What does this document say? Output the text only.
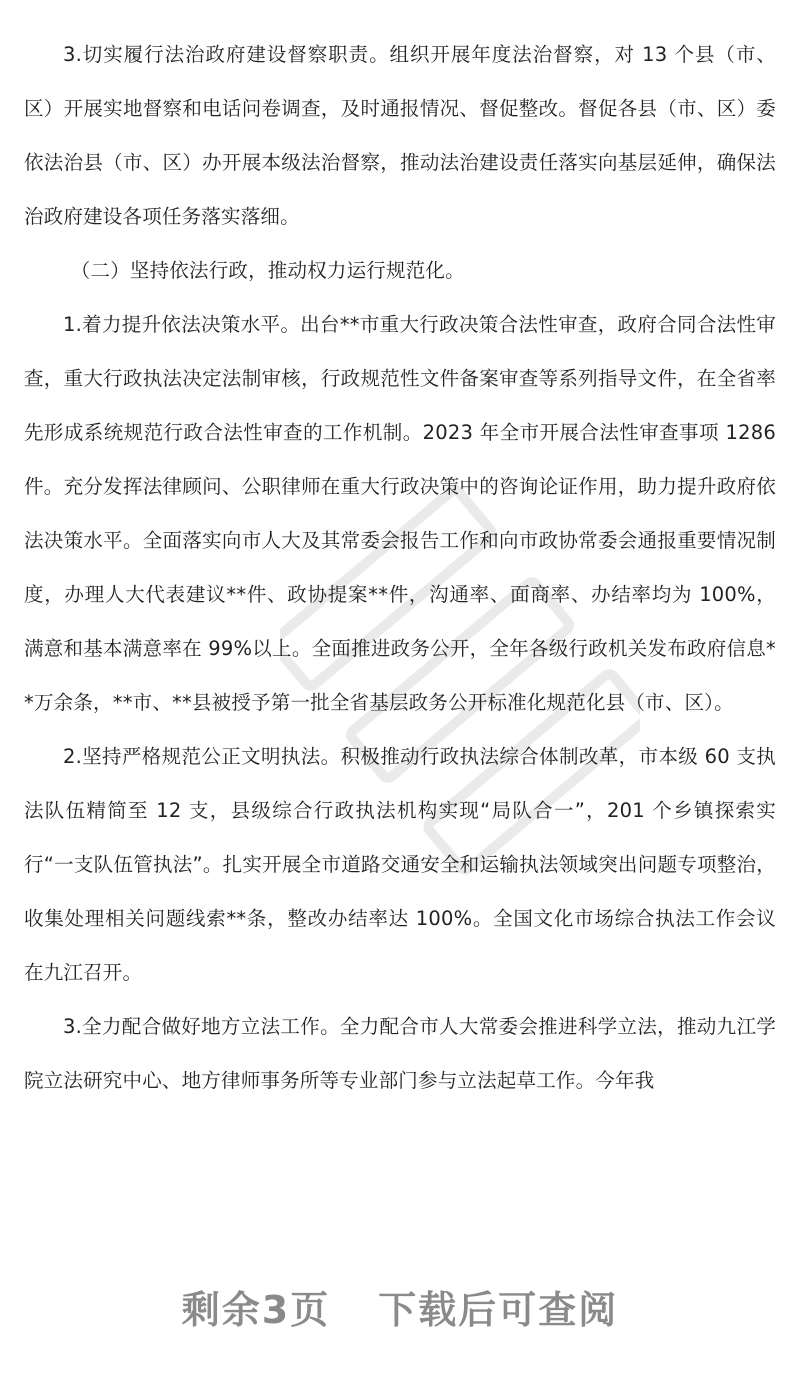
3.切实履行法治政府建设督察职责。组织开展年度法治督察，对 13 个县（市、区）开展实地督察和电话问卷调查，及时通报情况、督促整改。督促各县（市、区）委依法治县（市、区）办开展本级法治督察，推动法治建设责任落实向基层延伸，确保法治政府建设各项任务落实落细。

（二）坚持依法行政，推动权力运行规范化。

1.着力提升依法决策水平。出台**市重大行政决策合法性审查，政府合同合法性审查，重大行政执法决定法制审核，行政规范性文件备案审查等系列指导文件，在全省率先形成系统规范行政合法性审查的工作机制。2023 年全市开展合法性审查事项 1286 件。充分发挥法律顾问、公职律师在重大行政决策中的咨询论证作用，助力提升政府依法决策水平。全面落实向市人大及其常委会报告工作和向市政协常委会通报重要情况制度，办理人大代表建议**件、政协提案**件，沟通率、面商率、办结率均为 100%，满意和基本满意率在 99%以上。全面推进政务公开，全年各级行政机关发布政府信息**万余条，**市、**县被授予第一批全省基层政务公开标准化规范化县（市、区）。

2.坚持严格规范公正文明执法。积极推动行政执法综合体制改革，市本级 60 支执法队伍精简至 12 支，县级综合行政执法机构实现“局队合一”，201 个乡镇探索实行“一支队伍管执法”。扎实开展全市道路交通安全和运输执法领域突出问题专项整治，收集处理相关问题线索**条，整改办结率达 100%。全国文化市场综合执法工作会议在九江召开。

3.全力配合做好地方立法工作。全力配合市人大常委会推进科学立法，推动九江学院立法研究中心、地方律师事务所等专业部门参与立法起草工作。今年我

剩余3页 下载后可查阅
